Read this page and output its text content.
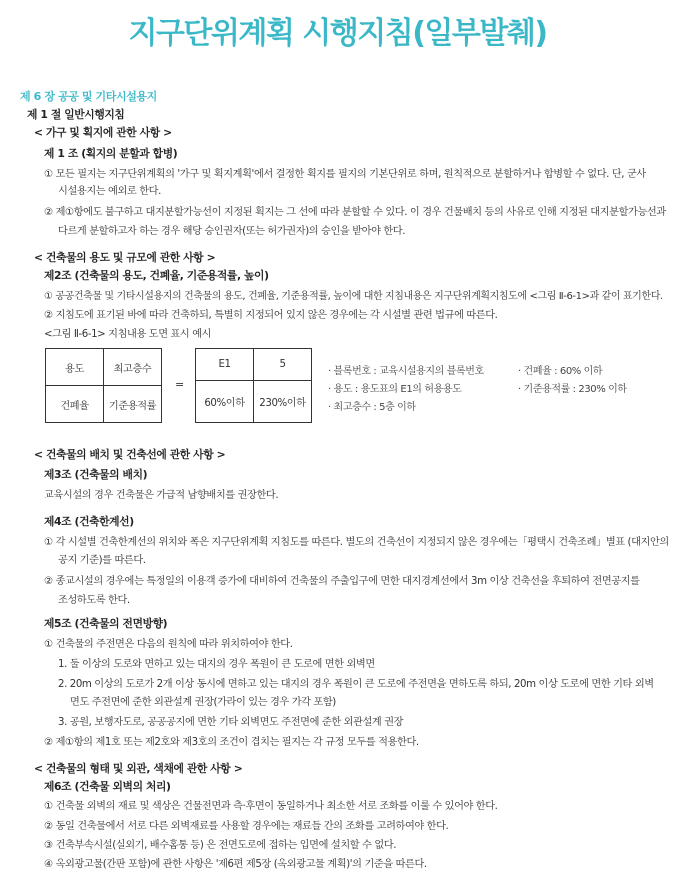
지구단위계획 시행지침(일부발췌)
제 6 장 공공 및 기타시설용지
제 1 절 일반시행지침
< 가구 및 획지에 관한 사항 >
제 1 조 (획지의 분할과 합병)
① 모든 필지는 지구단위계획의 '가구 및 획지계획'에서 결정한 획지를 필지의 기본단위로 하며, 원칙적으로 분할하거나 합병할 수 없다. 단, 군사
시설용지는 예외로 한다.
② 제①항에도 불구하고 대지분할가능선이 지정된 획지는 그 선에 따라 분할할 수 있다. 이 경우 건물배치 등의 사유로 인해 지정된 대지분할가능선과
다르게 분할하고자 하는 경우 해당 승인권자(또는 허가권자)의 승인을 받아야 한다.
< 건축물의 용도 및 규모에 관한 사항 >
제2조 (건축물의 용도, 건폐율, 기준용적률, 높이)
① 공공건축물 및 기타시설용지의 건축물의 용도, 건폐율, 기준용적률, 높이에 대한 지침내용은 지구단위계획지침도에 <그림 Ⅱ-6-1>과 같이 표기한다.
② 지침도에 표기된 바에 따라 건축하되, 특별히 지정되어 있지 않은 경우에는 각 시설별 관련 법규에 따른다.
<그림 Ⅱ-6-1> 지침내용 도면 표시 예시
용도	최고층수
건폐율	기준용적률
=
E1	5
60%이하	230%이하
· 블록번호 : 교육시설용지의 블록번호
· 용도 : 용도표의 E1의 허용용도
· 최고층수 : 5층 이하
· 건폐율 : 60% 이하
· 기준용적률 : 230% 이하
< 건축물의 배치 및 건축선에 관한 사항 >
제3조 (건축물의 배치)
교육시설의 경우 건축물은 가급적 남향배치를 권장한다.
제4조 (건축한계선)
① 각 시설별 건축한계선의 위치와 폭은 지구단위계획 지침도를 따른다. 별도의 건축선이 지정되지 않은 경우에는「평택시 건축조례」별표 (대지안의
공지 기준)를 따른다.
② 종교시설의 경우에는 특정일의 이용객 증가에 대비하여 건축물의 주출입구에 면한 대지경계선에서 3m 이상 건축선을 후퇴하여 전면공지를
조성하도록 한다.
제5조 (건축물의 전면방향)
① 건축물의 주전면은 다음의 원칙에 따라 위치하여야 한다.
1. 둘 이상의 도로와 면하고 있는 대지의 경우 폭원이 큰 도로에 면한 외벽면
2. 20m 이상의 도로가 2개 이상 동시에 면하고 있는 대지의 경우 폭원이 큰 도로에 주전면을 면하도록 하되, 20m 이상 도로에 면한 기타 외벽
면도 주전면에 준한 외관설계 권장(가라이 있는 경우 가각 포함)
3. 공원, 보행자도로, 공공공지에 면한 기타 외벽면도 주전면에 준한 외관설계 권장
② 제①항의 제1호 또는 제2호와 제3호의 조건이 겹치는 필지는 각 규정 모두를 적용한다.
< 건축물의 형태 및 외관, 색채에 관한 사항 >
제6조 (건축물 외벽의 처리)
① 건축물 외벽의 재료 및 색상은 건물전면과 측·후면이 동일하거나 최소한 서로 조화를 이룰 수 있어야 한다.
② 동일 건축물에서 서로 다른 외벽재료를 사용할 경우에는 재료들 간의 조화를 고려하여야 한다.
③ 건축부속시설(실외기, 배수홈통 등) 은 전면도로에 접하는 입면에 설치할 수 없다.
④ 옥외광고물(간판 포함)에 관한 사항은 '제6편 제5장 (옥외광고물 계획)'의 기준을 따른다.
